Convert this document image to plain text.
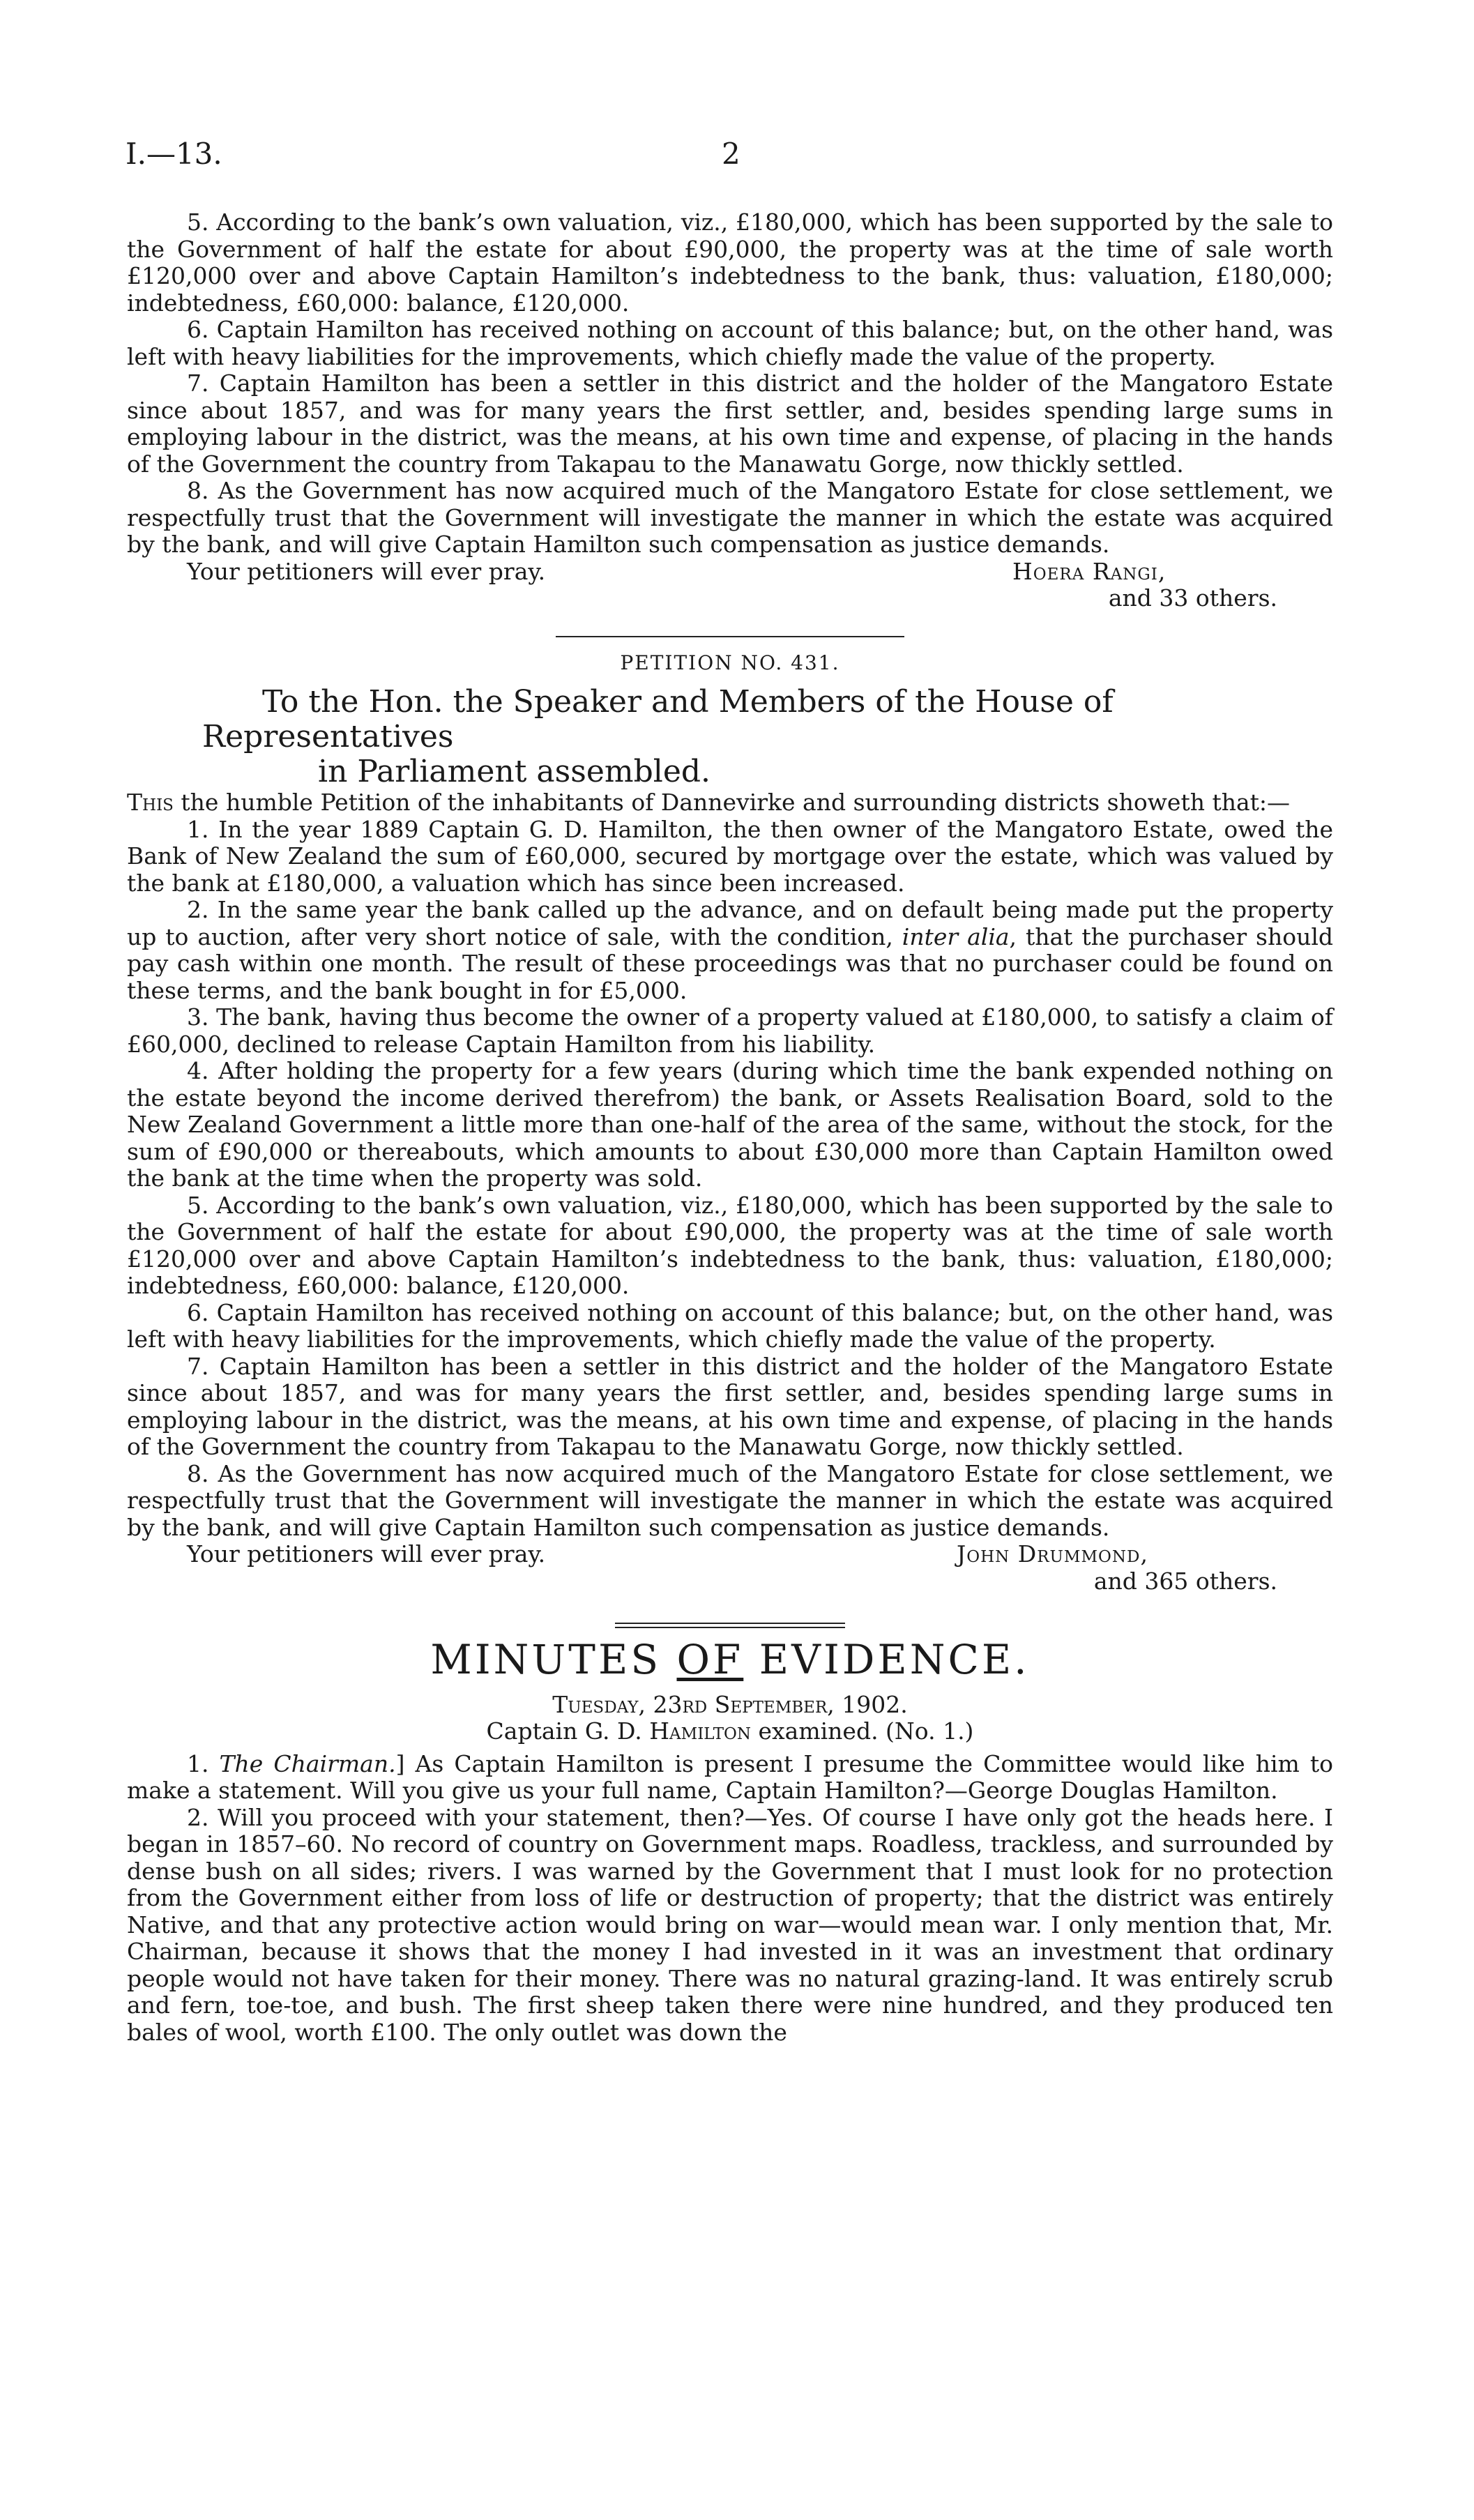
I.—13.	2

5. According to the bank’s own valuation, viz., £180,000, which has been supported by the sale to the Government of half the estate for about £90,000, the property was at the time of sale worth £120,000 over and above Captain Hamilton’s indebtedness to the bank, thus: valuation, £180,000; indebtedness, £60,000: balance, £120,000.

6. Captain Hamilton has received nothing on account of this balance; but, on the other hand, was left with heavy liabilities for the improvements, which chiefly made the value of the property.

7. Captain Hamilton has been a settler in this district and the holder of the Mangatoro Estate since about 1857, and was for many years the first settler, and, besides spending large sums in employing labour in the district, was the means, at his own time and expense, of placing in the hands of the Government the country from Takapau to the Manawatu Gorge, now thickly settled.

8. As the Government has now acquired much of the Mangatoro Estate for close settlement, we respectfully trust that the Government will investigate the manner in which the estate was acquired by the bank, and will give Captain Hamilton such compensation as justice demands.

Your petitioners will ever pray.	Hoera Rangi,
and 33 others.
PETITION NO. 431.

To the Hon. the Speaker and Members of the House of Representatives
in Parliament assembled.

This the humble Petition of the inhabitants of Dannevirke and surrounding districts showeth that:—

1. In the year 1889 Captain G. D. Hamilton, the then owner of the Mangatoro Estate, owed the Bank of New Zealand the sum of £60,000, secured by mortgage over the estate, which was valued by the bank at £180,000, a valuation which has since been increased.

2. In the same year the bank called up the advance, and on default being made put the property up to auction, after very short notice of sale, with the condition, inter alia, that the purchaser should pay cash within one month. The result of these proceedings was that no purchaser could be found on these terms, and the bank bought in for £5,000.

3. The bank, having thus become the owner of a property valued at £180,000, to satisfy a claim of £60,000, declined to release Captain Hamilton from his liability.

4. After holding the property for a few years (during which time the bank expended nothing on the estate beyond the income derived therefrom) the bank, or Assets Realisation Board, sold to the New Zealand Government a little more than one-half of the area of the same, without the stock, for the sum of £90,000 or thereabouts, which amounts to about £30,000 more than Captain Hamilton owed the bank at the time when the property was sold.

5. According to the bank’s own valuation, viz., £180,000, which has been supported by the sale to the Government of half the estate for about £90,000, the property was at the time of sale worth £120,000 over and above Captain Hamilton’s indebtedness to the bank, thus: valuation, £180,000; indebtedness, £60,000: balance, £120,000.

6. Captain Hamilton has received nothing on account of this balance; but, on the other hand, was left with heavy liabilities for the improvements, which chiefly made the value of the property.

7. Captain Hamilton has been a settler in this district and the holder of the Mangatoro Estate since about 1857, and was for many years the first settler, and, besides spending large sums in employing labour in the district, was the means, at his own time and expense, of placing in the hands of the Government the country from Takapau to the Manawatu Gorge, now thickly settled.

8. As the Government has now acquired much of the Mangatoro Estate for close settlement, we respectfully trust that the Government will investigate the manner in which the estate was acquired by the bank, and will give Captain Hamilton such compensation as justice demands.

Your petitioners will ever pray.	John Drummond,
and 365 others.
MINUTES OF EVIDENCE.

Tuesday, 23rd September, 1902.

Captain G. D. Hamilton examined. (No. 1.)

1. The Chairman.] As Captain Hamilton is present I presume the Committee would like him to make a statement. Will you give us your full name, Captain Hamilton?—George Douglas Hamilton.

2. Will you proceed with your statement, then?—Yes. Of course I have only got the heads here. I began in 1857–60. No record of country on Government maps. Roadless, trackless, and surrounded by dense bush on all sides; rivers. I was warned by the Government that I must look for no protection from the Government either from loss of life or destruction of property; that the district was entirely Native, and that any protective action would bring on war—would mean war. I only mention that, Mr. Chairman, because it shows that the money I had invested in it was an investment that ordinary people would not have taken for their money. There was no natural grazing-land. It was entirely scrub and fern, toe-toe, and bush. The first sheep taken there were nine hundred, and they produced ten bales of wool, worth £100. The only outlet was down the
